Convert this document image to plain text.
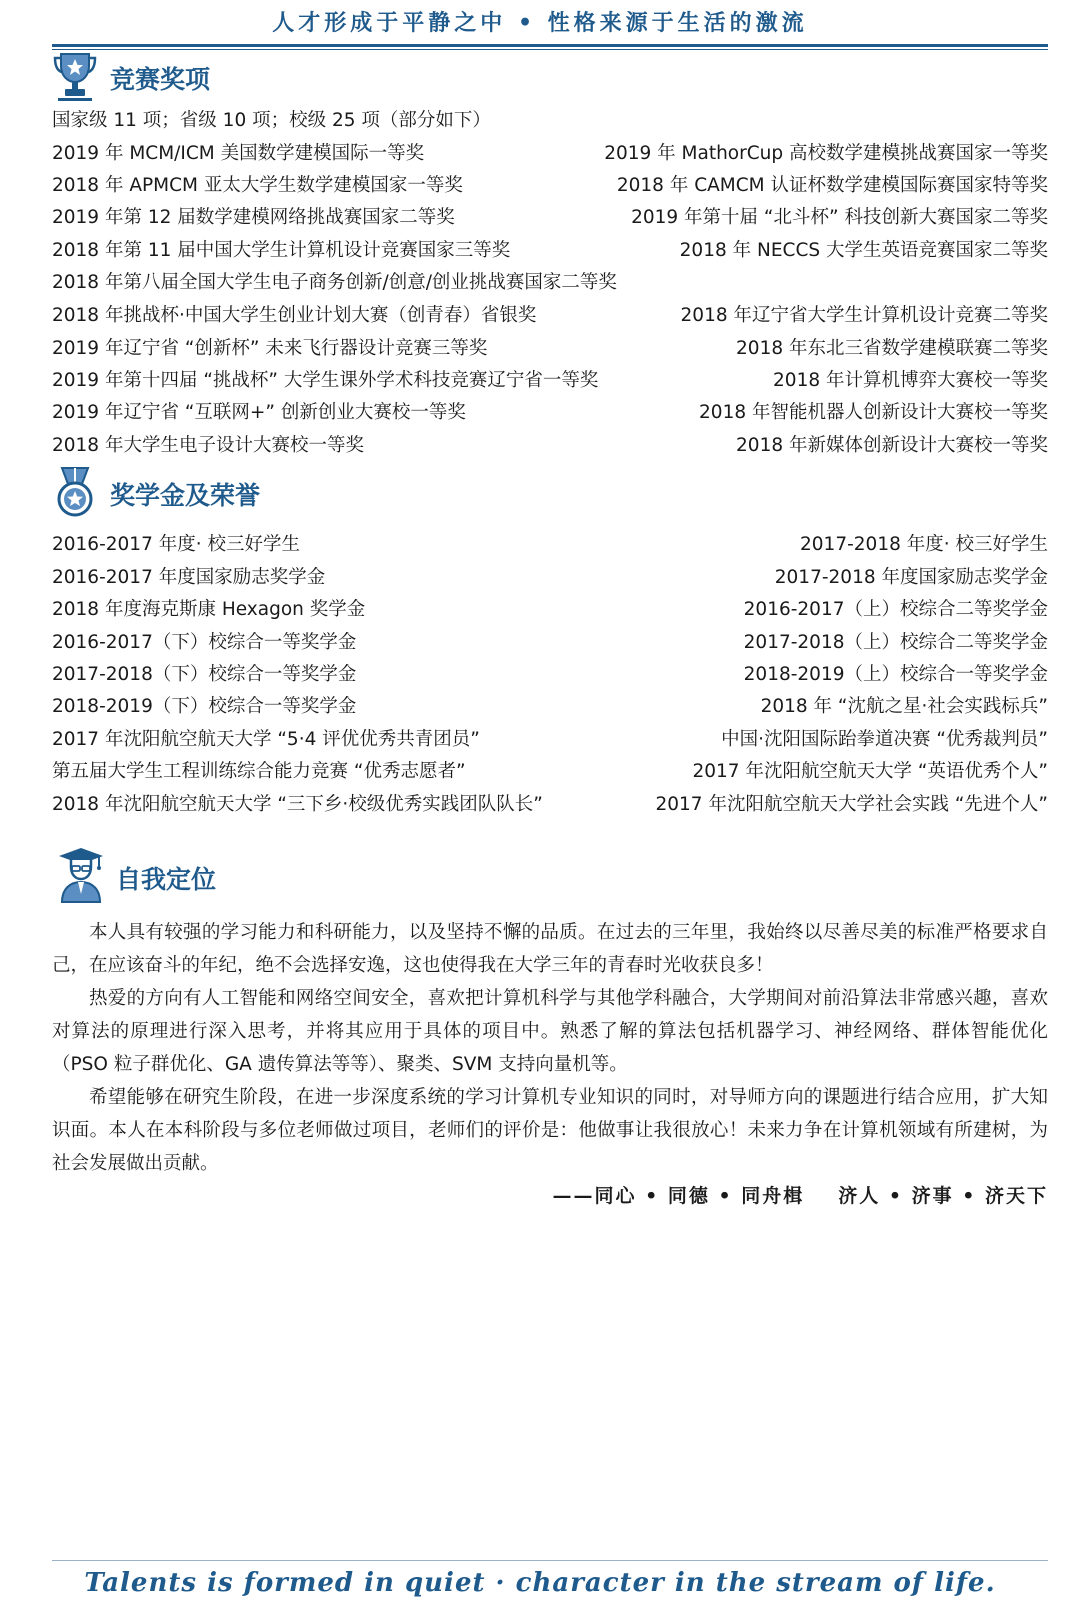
人才形成于平静之中 • 性格来源于生活的激流
竞赛奖项
国家级 11 项；省级 10 项；校级 25 项（部分如下）
2019 年 MCM/ICM 美国数学建模国际一等奖	2019 年 MathorCup 高校数学建模挑战赛国家一等奖
2018 年 APMCM 亚太大学生数学建模国家一等奖	2018 年 CAMCM 认证杯数学建模国际赛国家特等奖
2019 年第 12 届数学建模网络挑战赛国家二等奖	2019 年第十届 “北斗杯” 科技创新大赛国家二等奖
2018 年第 11 届中国大学生计算机设计竞赛国家三等奖	2018 年 NECCS 大学生英语竞赛国家二等奖
2018 年第八届全国大学生电子商务创新/创意/创业挑战赛国家二等奖
2018 年挑战杯·中国大学生创业计划大赛（创青春）省银奖	2018 年辽宁省大学生计算机设计竞赛二等奖
2019 年辽宁省 “创新杯” 未来飞行器设计竞赛三等奖	2018 年东北三省数学建模联赛二等奖
2019 年第十四届 “挑战杯” 大学生课外学术科技竞赛辽宁省一等奖	2018 年计算机博弈大赛校一等奖
2019 年辽宁省 “互联网+” 创新创业大赛校一等奖	2018 年智能机器人创新设计大赛校一等奖
2018 年大学生电子设计大赛校一等奖	2018 年新媒体创新设计大赛校一等奖
奖学金及荣誉
2016-2017 年度· 校三好学生	2017-2018 年度· 校三好学生
2016-2017 年度国家励志奖学金	2017-2018 年度国家励志奖学金
2018 年度海克斯康 Hexagon 奖学金	2016-2017（上）校综合二等奖学金
2016-2017（下）校综合一等奖学金	2017-2018（上）校综合二等奖学金
2017-2018（下）校综合一等奖学金	2018-2019（上）校综合一等奖学金
2018-2019（下）校综合一等奖学金	2018 年 “沈航之星·社会实践标兵”
2017 年沈阳航空航天大学 “5·4 评优优秀共青团员”	中国·沈阳国际跆拳道决赛 “优秀裁判员”
第五届大学生工程训练综合能力竞赛 “优秀志愿者”	2017 年沈阳航空航天大学 “英语优秀个人”
2018 年沈阳航空航天大学 “三下乡·校级优秀实践团队队长”	2017 年沈阳航空航天大学社会实践 “先进个人”
自我定位
本人具有较强的学习能力和科研能力，以及坚持不懈的品质。在过去的三年里，我始终以尽善尽美的标准严格要求自己，在应该奋斗的年纪，绝不会选择安逸，这也使得我在大学三年的青春时光收获良多！
热爱的方向有人工智能和网络空间安全，喜欢把计算机科学与其他学科融合，大学期间对前沿算法非常感兴趣，喜欢对算法的原理进行深入思考，并将其应用于具体的项目中。熟悉了解的算法包括机器学习、神经网络、群体智能优化（PSO 粒子群优化、GA 遗传算法等等）、聚类、SVM 支持向量机等。
希望能够在研究生阶段，在进一步深度系统的学习计算机专业知识的同时，对导师方向的课题进行结合应用，扩大知识面。本人在本科阶段与多位老师做过项目，老师们的评价是：他做事让我很放心！未来力争在计算机领域有所建树，为社会发展做出贡献。
——同心 • 同德 • 同舟楫 济人 • 济事 • 济天下
Talents is formed in quiet · character in the stream of life.
